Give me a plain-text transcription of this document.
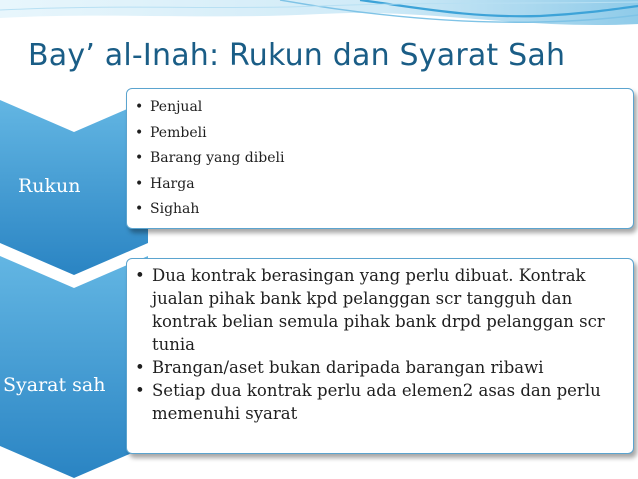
Bay’ al-Inah: Rukun dan Syarat Sah
Rukun
Syarat sah
• Penjual
• Pembeli
• Barang yang dibeli
• Harga
• Sighah
• Dua kontrak berasingan yang perlu dibuat. Kontrak jualan pihak bank kpd pelanggan scr tangguh dan kontrak belian semula pihak bank drpd pelanggan scr tunia
• Brangan/aset bukan daripada barangan ribawi
• Setiap dua kontrak perlu ada elemen2 asas dan perlu memenuhi syarat
